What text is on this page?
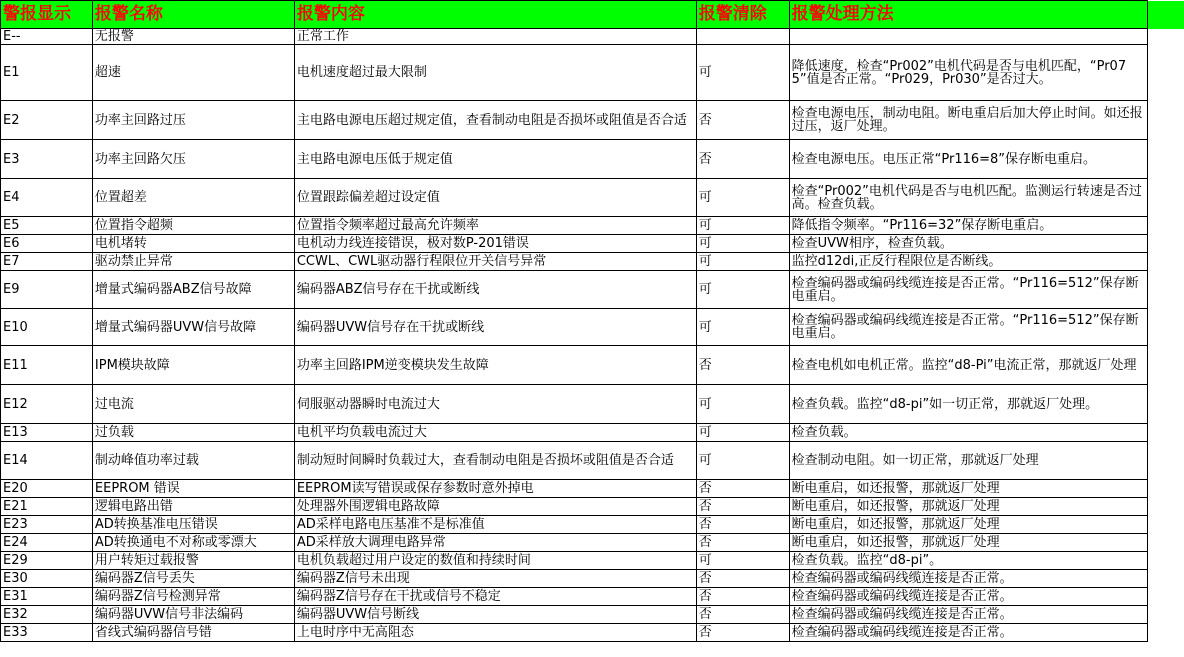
警报显示	报警名称	报警内容	报警清除	报警处理方法	
E--	无报警	正常工作			
E1	超速	电机速度超过最大限制	可	降低速度，检查“Pr002”电机代码是否与电机匹配，“Pr075”值是否正常。“Pr029，Pr030”是否过大。	
E2	功率主回路过压	主电路电源电压超过规定值，查看制动电阻是否损坏或阻值是否合适	否	检查电源电压，制动电阻。断电重启后加大停止时间。如还报过压，返厂处理。	
E3	功率主回路欠压	主电路电源电压低于规定值	否	检查电源电压。电压正常“Pr116=8”保存断电重启。	
E4	位置超差	位置跟踪偏差超过设定值	可	检查“Pr002”电机代码是否与电机匹配。监测运行转速是否过高。检查负载。	
E5	位置指令超频	位置指令频率超过最高允许频率	可	降低指令频率。“Pr116=32”保存断电重启。	
E6	电机堵转	电机动力线连接错误，极对数P-201错误	可	检查UVW相序，检查负载。	
E7	驱动禁止异常	CCWL、CWL驱动器行程限位开关信号异常	可	监控d12di,正反行程限位是否断线。	
E9	增量式编码器ABZ信号故障	编码器ABZ信号存在干扰或断线	可	检查编码器或编码线缆连接是否正常。“Pr116=512”保存断电重启。	
E10	增量式编码器UVW信号故障	编码器UVW信号存在干扰或断线	可	检查编码器或编码线缆连接是否正常。“Pr116=512”保存断电重启。	
E11	IPM模块故障	功率主回路IPM逆变模块发生故障	否	检查电机如电机正常。监控“d8-Pi”电流正常，那就返厂处理	
E12	过电流	伺服驱动器瞬时电流过大	可	检查负载。监控“d8-pi”如一切正常，那就返厂处理。	
E13	过负载	电机平均负载电流过大	可	检查负载。	
E14	制动峰值功率过载	制动短时间瞬时负载过大，查看制动电阻是否损坏或阻值是否合适	可	检查制动电阻。如一切正常，那就返厂处理	
E20	EEPROM 错误	EEPROM读写错误或保存参数时意外掉电	否	断电重启，如还报警，那就返厂处理	
E21	逻辑电路出错	处理器外围逻辑电路故障	否	断电重启，如还报警，那就返厂处理	
E23	AD转换基准电压错误	AD采样电路电压基准不是标准值	否	断电重启，如还报警，那就返厂处理	
E24	AD转换通电不对称或零漂大	AD采样放大调理电路异常	否	断电重启，如还报警，那就返厂处理	
E29	用户转矩过载报警	电机负载超过用户设定的数值和持续时间	可	检查负载。监控“d8-pi”。	
E30	编码器Z信号丢失	编码器Z信号未出现	否	检查编码器或编码线缆连接是否正常。	
E31	编码器Z信号检测异常	编码器Z信号存在干扰或信号不稳定	否	检查编码器或编码线缆连接是否正常。	
E32	编码器UVW信号非法编码	编码器UVW信号断线	否	检查编码器或编码线缆连接是否正常。	
E33	省线式编码器信号错	上电时序中无高阻态	否	检查编码器或编码线缆连接是否正常。	
